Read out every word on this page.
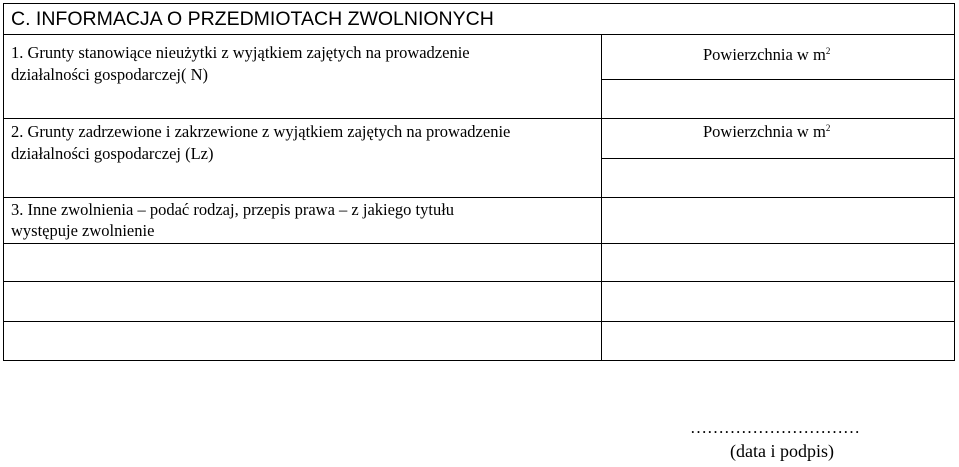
C. INFORMACJA O PRZEDMIOTACH ZWOLNIONYCH
1. Grunty stanowiące nieużytki z wyjątkiem zajętych na prowadzenie
działalności gospodarczej( N)
Powierzchnia w $m^2$
2. Grunty zadrzewione i zakrzewione z wyjątkiem zajętych na prowadzenie
działalności gospodarczej (Lz)
Powierzchnia w $m^2$
3. Inne zwolnienia – podać rodzaj, przepis prawa – z jakiego tytułu
występuje zwolnienie
…………………………
(data i podpis)
